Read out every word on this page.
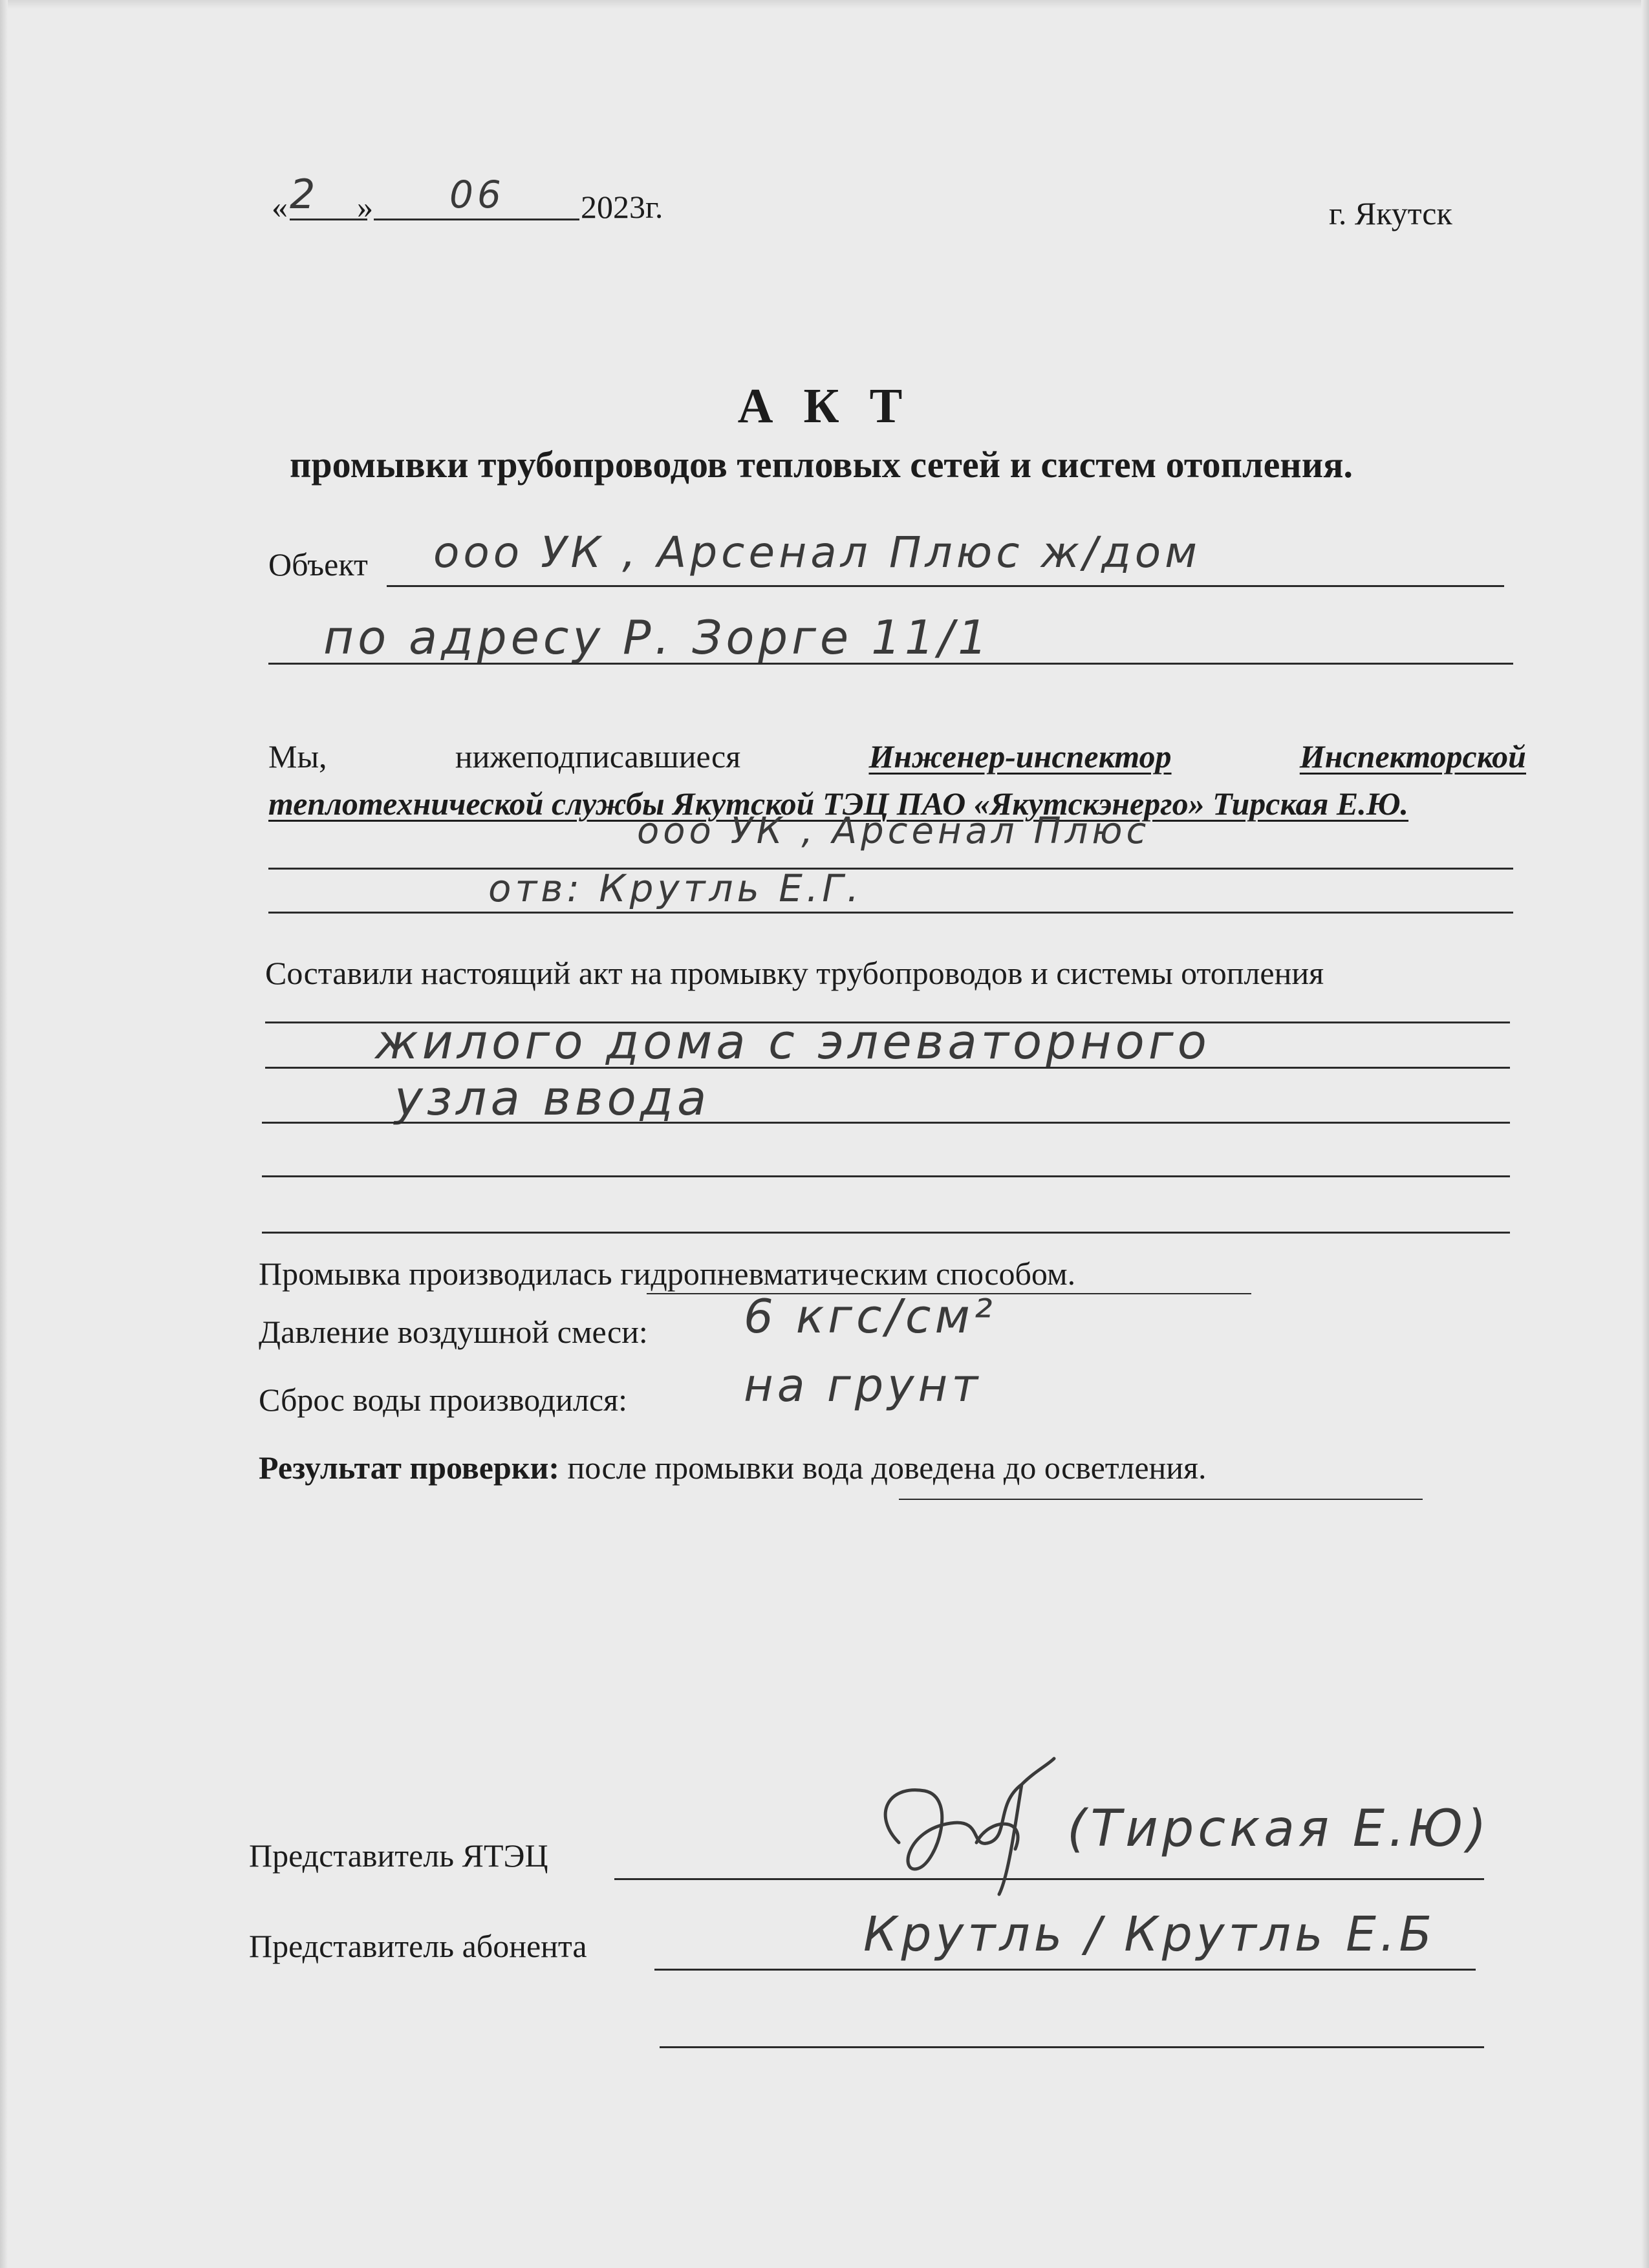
« 2 » 06 2023г.	г. Якутск
А К Т
промывки трубопроводов тепловых сетей и систем отопления.
Объект ооо УК , Арсенал Плюс ж/дом
по адресу Р. Зорге 11/1
Мы,	нижеподписавшиеся	Инженер-инспектор	Инспекторской
теплотехнической службы Якутской ТЭЦ ПАО «Якутскэнерго» Тирская Е.Ю.
ооо УК , Арсенал Плюс
отв: Крутль Е.Г.
Составили настоящий акт на промывку трубопроводов и системы отопления
жилого дома с элеваторного
узла ввода
Промывка производилась гидропневматическим способом.
Давление воздушной смеси: 6 кгс/см²
Сброс воды производился:	на грунт
Результат проверки: после промывки вода доведена до осветления.
Представитель ЯТЭЦ	(Тирская Е.Ю)
Представитель абонента	Крутль / Крутль Е.Б
